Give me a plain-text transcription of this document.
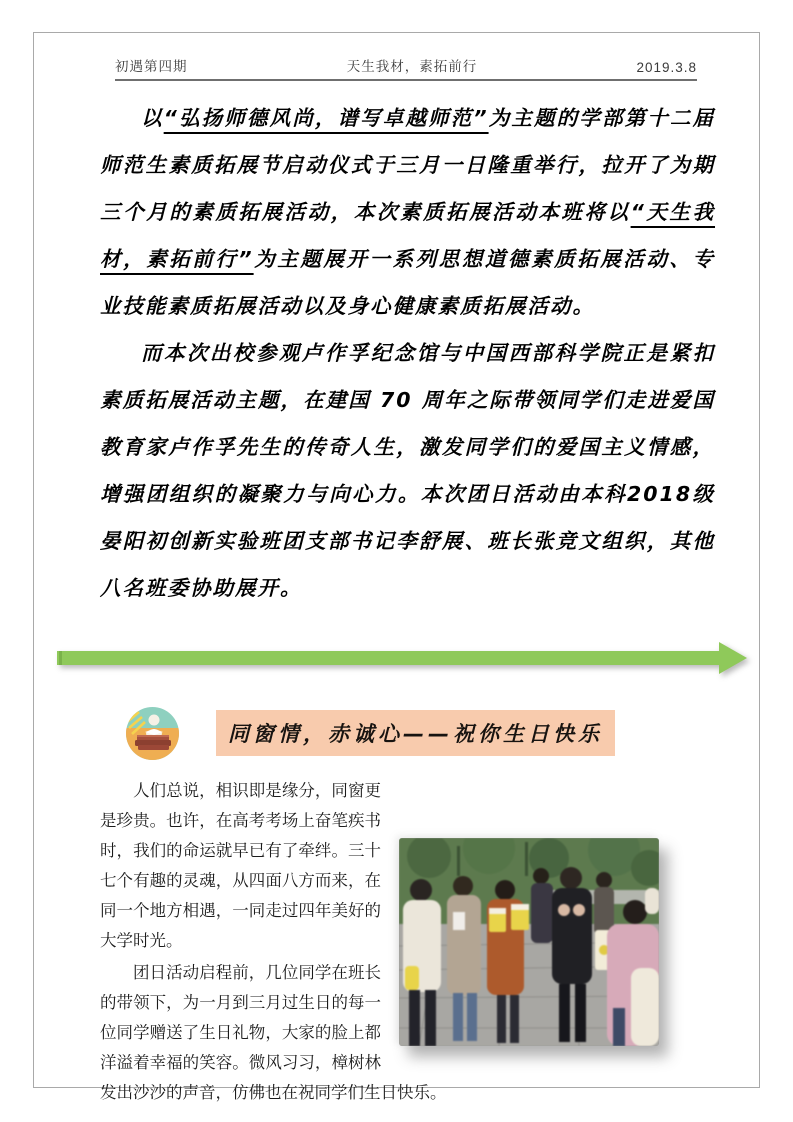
初遇第四期	天生我材，素拓前行	2019.3.8

以“弘扬师德风尚，谱写卓越师范”为主题的学部第十二届师范生素质拓展节启动仪式于三月一日隆重举行，拉开了为期三个月的素质拓展活动，本次素质拓展活动本班将以“天生我材，素拓前行”为主题展开一系列思想道德素质拓展活动、专业技能素质拓展活动以及身心健康素质拓展活动。

而本次出校参观卢作孚纪念馆与中国西部科学院正是紧扣素质拓展活动主题，在建国 70 周年之际带领同学们走进爱国教育家卢作孚先生的传奇人生，激发同学们的爱国主义情感，增强团组织的凝聚力与向心力。本次团日活动由本科2018级晏阳初创新实验班团支部书记李舒展、班长张竞文组织，其他八名班委协助展开。

同窗情，赤诚心——祝你生日快乐

人们总说，相识即是缘分，同窗更是珍贵。也许，在高考考场上奋笔疾书时，我们的命运就早已有了牵绊。三十七个有趣的灵魂，从四面八方而来，在同一个地方相遇，一同走过四年美好的大学时光。

团日活动启程前，几位同学在班长的带领下，为一月到三月过生日的每一位同学赠送了生日礼物，大家的脸上都洋溢着幸福的笑容。微风习习，樟树林发出沙沙的声音，仿佛也在祝同学们生日快乐。
